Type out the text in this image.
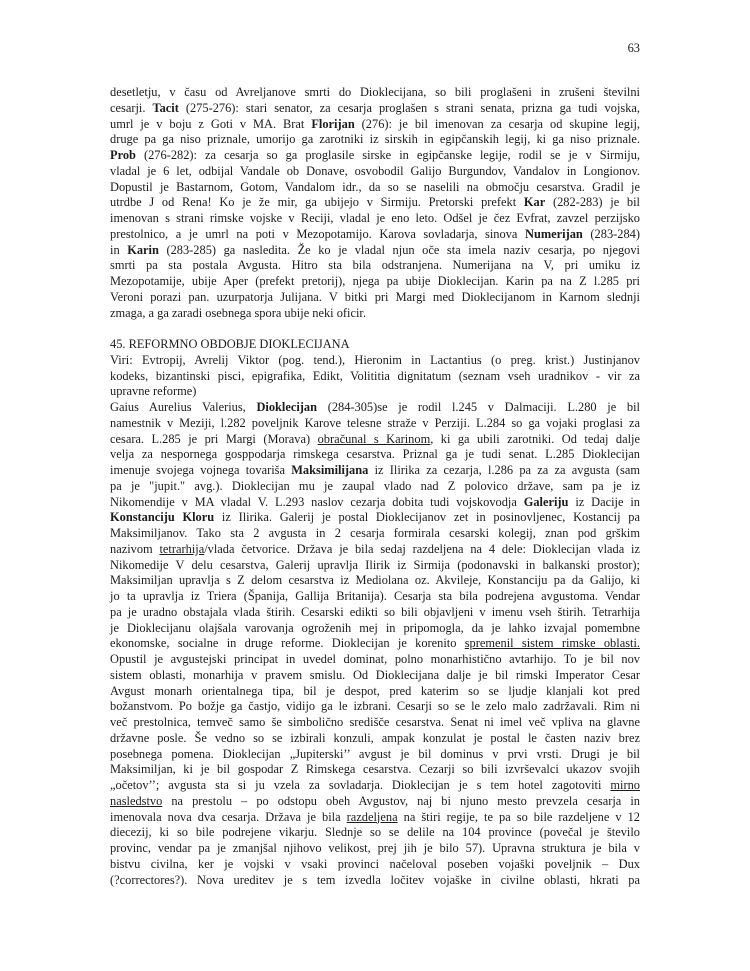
63
desetletju, v času od Avreljanove smrti do Dioklecijana, so bili proglašeni in zrušeni številni
cesarji. Tacit (275-276): stari senator, za cesarja proglašen s strani senata, prizna ga tudi vojska,
umrl je v boju z Goti v MA. Brat Florijan (276): je bil imenovan za cesarja od skupine legij,
druge pa ga niso priznale, umorijo ga zarotniki iz sirskih in egipčanskih legij, ki ga niso priznale.
Prob (276-282): za cesarja so ga proglasile sirske in egipčanske legije, rodil se je v Sirmiju,
vladal je 6 let, odbijal Vandale ob Donave, osvobodil Galijo Burgundov, Vandalov in Longionov.
Dopustil je Bastarnom, Gotom, Vandalom idr., da so se naselili na območju cesarstva. Gradil je
utrdbe J od Rena! Ko je že mir, ga ubijejo v Sirmiju. Pretorski prefekt Kar (282-283) je bil
imenovan s strani rimske vojske v Reciji, vladal je eno leto. Odšel je čez Evfrat, zavzel perzijsko
prestolnico, a je umrl na poti v Mezopotamijo. Karova sovladarja, sinova Numerijan (283-284)
in Karin (283-285) ga nasledita. Že ko je vladal njun oče sta imela naziv cesarja, po njegovi
smrti pa sta postala Avgusta. Hitro sta bila odstranjena. Numerijana na V, pri umiku iz
Mezopotamije, ubije Aper (prefekt pretorij), njega pa ubije Dioklecijan. Karin pa na Z l.285 pri
Veroni porazi pan. uzurpatorja Julijana. V bitki pri Margi med Dioklecijanom in Karnom slednji
zmaga, a ga zaradi osebnega spora ubije neki oficir.
45. REFORMNO OBDOBJE DIOKLECIJANA
Viri: Evtropij, Avrelij Viktor (pog. tend.), Hieronim in Lactantius (o preg. krist.) Justinjanov
kodeks, bizantinski pisci, epigrafika, Edikt, Volititia dignitatum (seznam vseh uradnikov - vir za
upravne reforme)
Gaius Aurelius Valerius, Dioklecijan (284-305)se je rodil l.245 v Dalmaciji. L.280 je bil
namestnik v Meziji, l.282 poveljnik Karove telesne straže v Perziji. L.284 so ga vojaki proglasi za
cesara. L.285 je pri Margi (Morava) obračunal s Karinom, ki ga ubili zarotniki. Od tedaj dalje
velja za nespornega gosppodarja rimskega cesarstva. Priznal ga je tudi senat. L.285 Dioklecijan
imenuje svojega vojnega tovariša Maksimilijana iz Ilirika za cezarja, l.286 pa za za avgusta (sam
pa je "jupit." avg.). Dioklecijan mu je zaupal vlado nad Z polovico države, sam pa je iz
Nikomendije v MA vladal V. L.293 naslov cezarja dobita tudi vojskovodja Galeriju iz Dacije in
Konstanciju Kloru iz Ilirika. Galerij je postal Dioklecijanov zet in posinovljenec, Kostancij pa
Maksimiljanov. Tako sta 2 avgusta in 2 cesarja formirala cesarski kolegij, znan pod grškim
nazivom tetrarhija/vlada četvorice. Država je bila sedaj razdeljena na 4 dele: Dioklecijan vlada iz
Nikomedije V delu cesarstva, Galerij upravlja Ilirik iz Sirmija (podonavski in balkanski prostor);
Maksimiljan upravlja s Z delom cesarstva iz Mediolana oz. Akvileje, Konstanciju pa da Galijo, ki
jo ta upravlja iz Triera (Španija, Gallija Britanija). Cesarja sta bila podrejena avgustoma. Vendar
pa je uradno obstajala vlada štirih. Cesarski edikti so bili objavljeni v imenu vseh štirih. Tetrarhija
je Dioklecijanu olajšala varovanja ogroženih mej in pripomogla, da je lahko izvajal pomembne
ekonomske, socialne in druge reforme. Dioklecijan je korenito spremenil sistem rimske oblasti.
Opustil je avgustejski principat in uvedel dominat, polno monarhistično avtarhijo. To je bil nov
sistem oblasti, monarhija v pravem smislu. Od Dioklecijana dalje je bil rimski Imperator Cesar
Avgust monarh orientalnega tipa, bil je despot, pred katerim so se ljudje klanjali kot pred
božanstvom. Po božje ga častjo, vidijo ga le izbrani. Cesarji so se le zelo malo zadržavali. Rim ni
več prestolnica, temveč samo še simbolično središče cesarstva. Senat ni imel več vpliva na glavne
državne posle. Še vedno so se izbirali konzuli, ampak konzulat je postal le časten naziv brez
posebnega pomena. Dioklecijan „Jupiterski’’ avgust je bil dominus v prvi vrsti. Drugi je bil
Maksimiljan, ki je bil gospodar Z Rimskega cesarstva. Cezarji so bili izvrševalci ukazov svojih
„očetov’’; avgusta sta si ju vzela za sovladarja. Dioklecijan je s tem hotel zagotoviti mirno
nasledstvo na prestolu – po odstopu obeh Avgustov, naj bi njuno mesto prevzela cesarja in
imenovala nova dva cesarja. Država je bila razdeljena na štiri regije, te pa so bile razdeljene v 12
diecezij, ki so bile podrejene vikarju. Slednje so se delile na 104 province (povečal je število
provinc, vendar pa je zmanjšal njihovo velikost, prej jih je bilo 57). Upravna struktura je bila v
bistvu civilna, ker je vojski v vsaki provinci načeloval poseben vojaški poveljnik – Dux
(?correctores?). Nova ureditev je s tem izvedla ločitev vojaške in civilne oblasti, hkrati pa
